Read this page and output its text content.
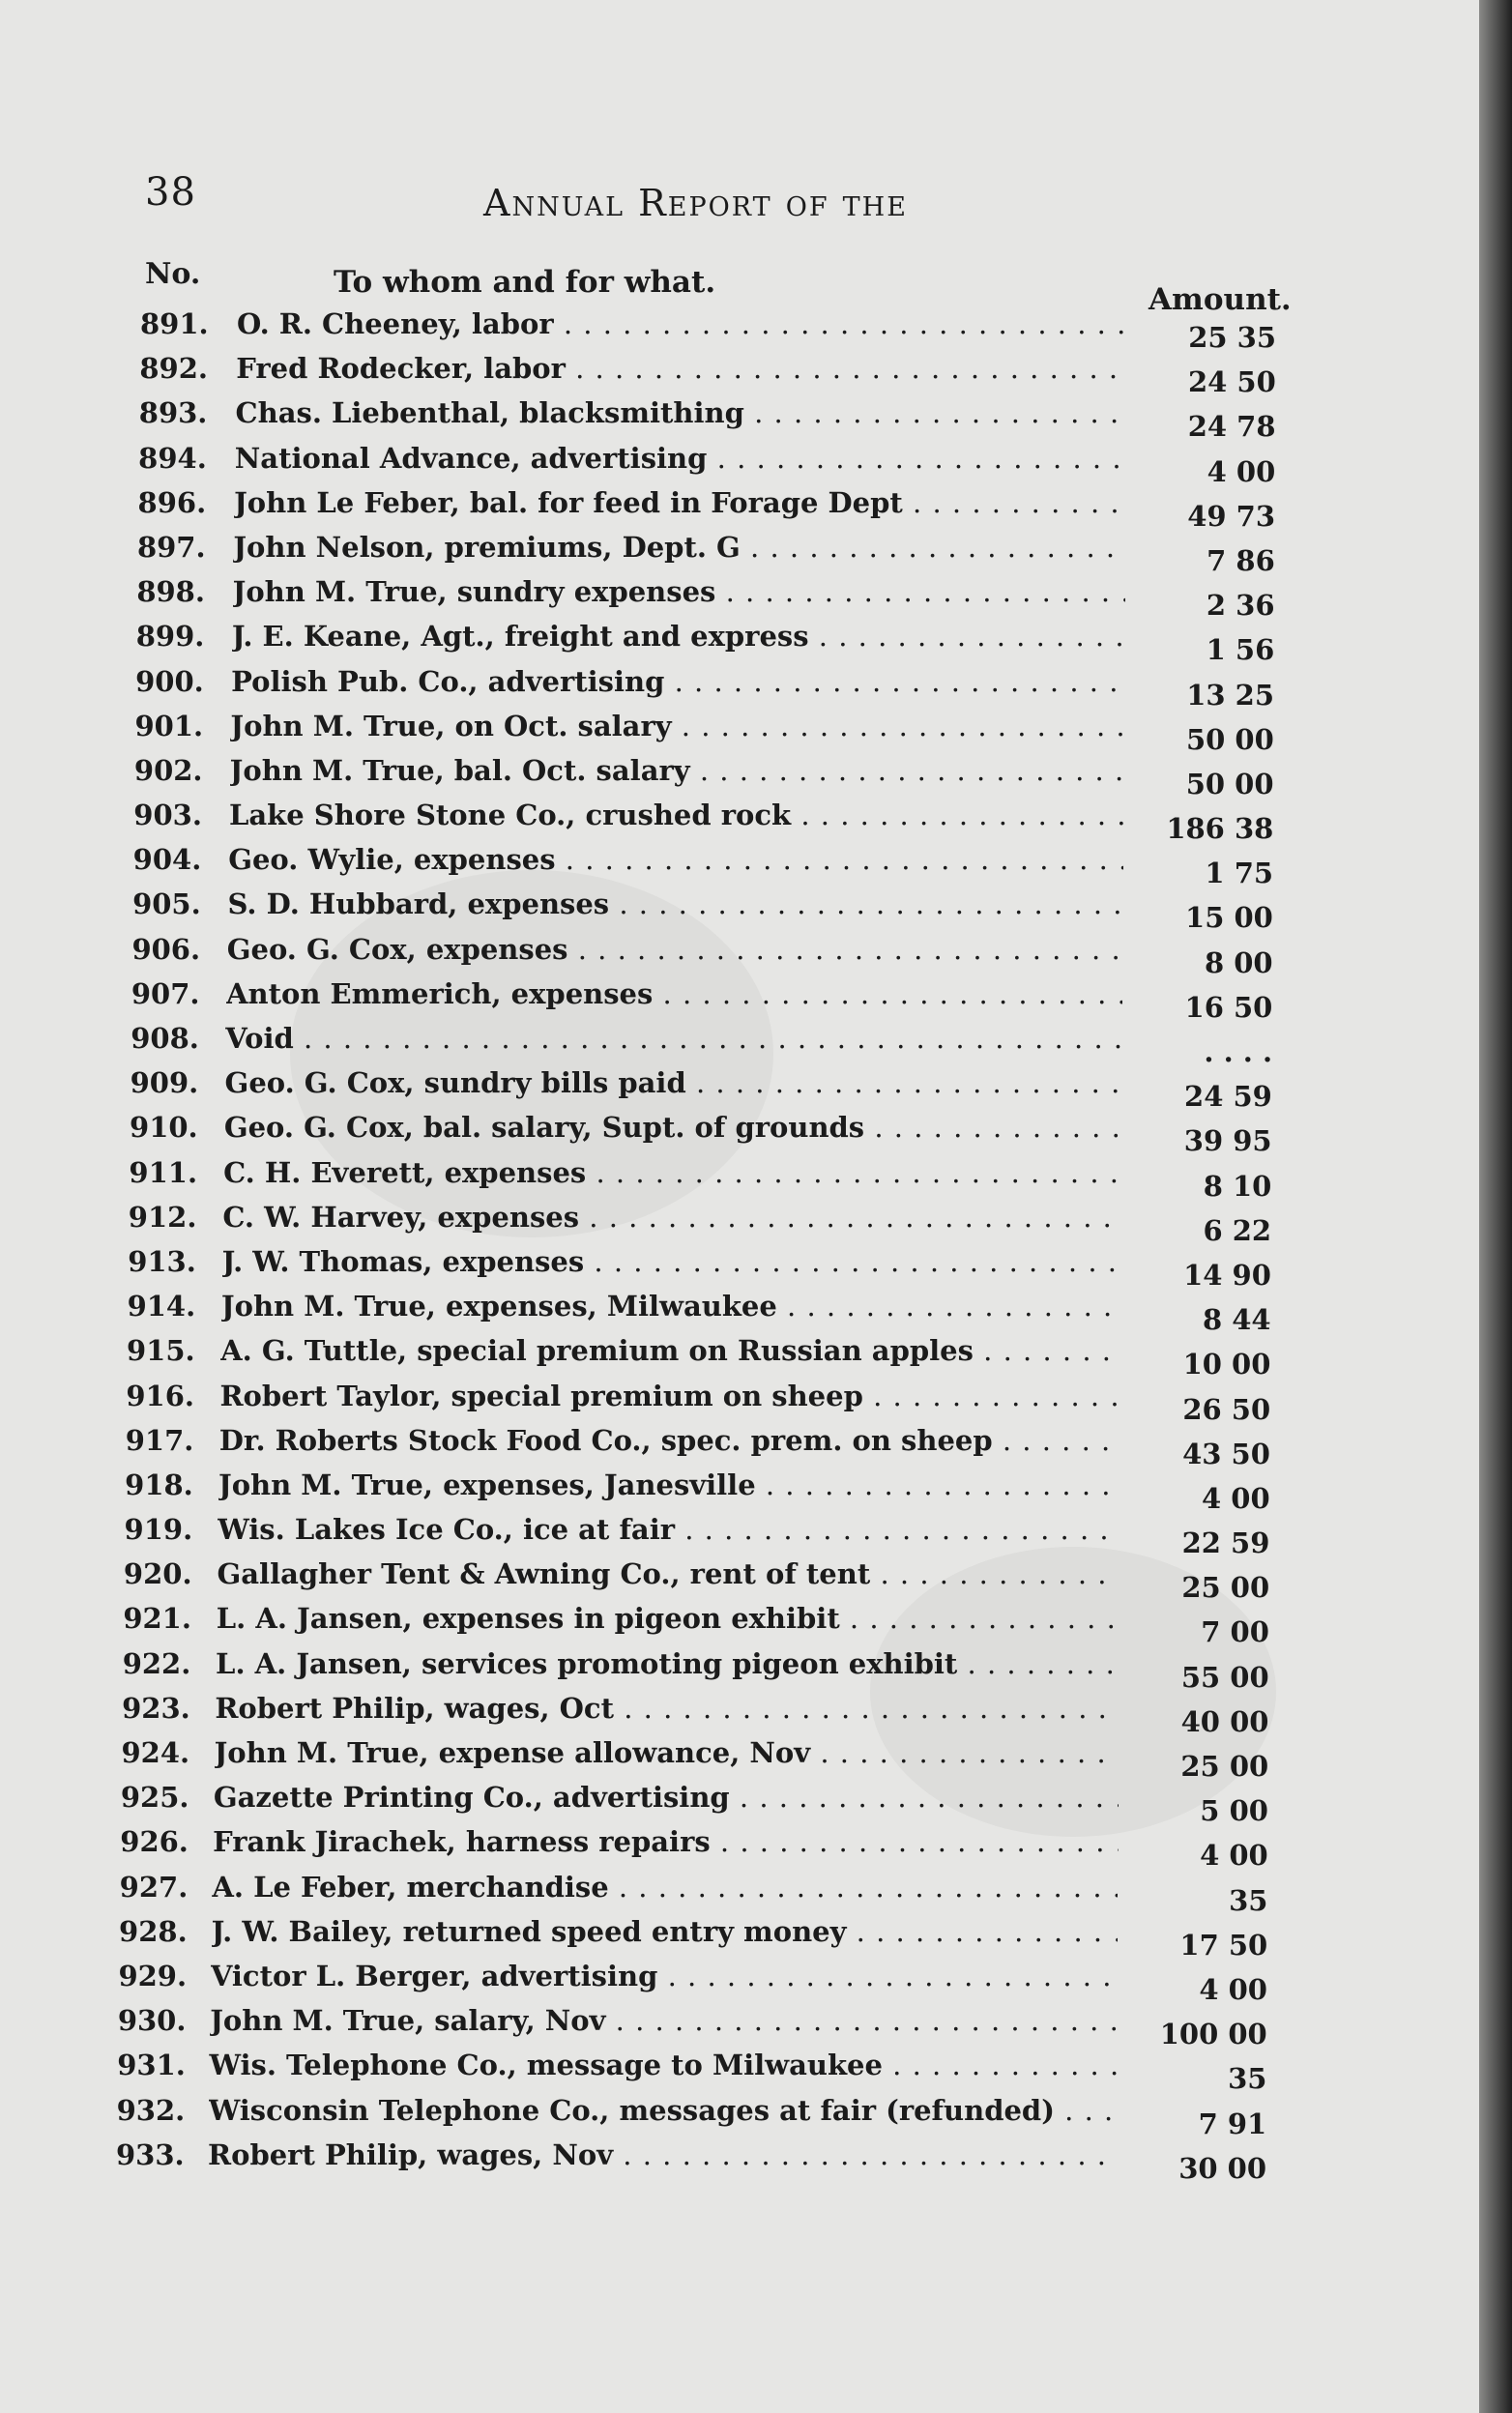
38	Annual Report of the
No.	To whom and for what.	Amount.
891.	O. R. Cheeney, labor . . .	25 35
892.	Fred Rodecker, labor . . .	24 50
893.	Chas. Liebenthal, blacksmithing . . .	24 78
894.	National Advance, advertising . . .	4 00
896. John Le Feber, bal. for feed in Forage Dept . . .	49 73
897. John Nelson, premiums, Dept. G . . .	7 86
898. John M. True, sundry expenses . . .	2 36
899. J. E. Keane, Agt., freight and express . . .	1 56
900. Polish Pub. Co., advertising . . .	13 25
901. John M. True, on Oct. salary . . .	50 00
902. John M. True, bal. Oct. salary . . .	50 00
903. Lake Shore Stone Co., crushed rock . . .	186 38
904. Geo. Wylie, expenses . . .	1 75
905. S. D. Hubbard, expenses . . .	15 00
906. Geo. G. Cox, expenses . . .	8 00
907. Anton Emmerich, expenses . . .	16 50
908. Void . . .	. . . .
909. Geo. G. Cox, sundry bills paid . . .	24 59
910. Geo. G. Cox, bal. salary, Supt. of grounds . . .	39 95
911. C. H. Everett, expenses . . .	8 10
912. C. W. Harvey, expenses . . .	6 22
913. J. W. Thomas, expenses . . .	14 90
914. John M. True, expenses, Milwaukee . . .	8 44
915. A. G. Tuttle, special premium on Russian apples . . .	10 00
916. Robert Taylor, special premium on sheep . . .	26 50
917. Dr. Roberts Stock Food Co., spec. prem. on sheep . . .	43 50
918. John M. True, expenses, Janesville . . .	4 00
919. Wis. Lakes Ice Co., ice at fair . . .	22 59
920. Gallagher Tent & Awning Co., rent of tent . . .	25 00
921. L. A. Jansen, expenses in pigeon exhibit . . .	7 00
922. L. A. Jansen, services promoting pigeon exhibit . . .	55 00
923. Robert Philip, wages, Oct . . .	40 00
924. John M. True, expense allowance, Nov . . .	25 00
925. Gazette Printing Co., advertising . . .	5 00
926. Frank Jirachek, harness repairs . . .	4 00
927. A. Le Feber, merchandise . . .	35
928. J. W. Bailey, returned speed entry money . . .	17 50
929. Victor L. Berger, advertising . . .	4 00
930. John M. True, salary, Nov . . .	100 00
931. Wis. Telephone Co., message to Milwaukee . . .	35
932. Wisconsin Telephone Co., messages at fair (refunded) . . .	7 91
933. Robert Philip, wages, Nov . . .	30 00
